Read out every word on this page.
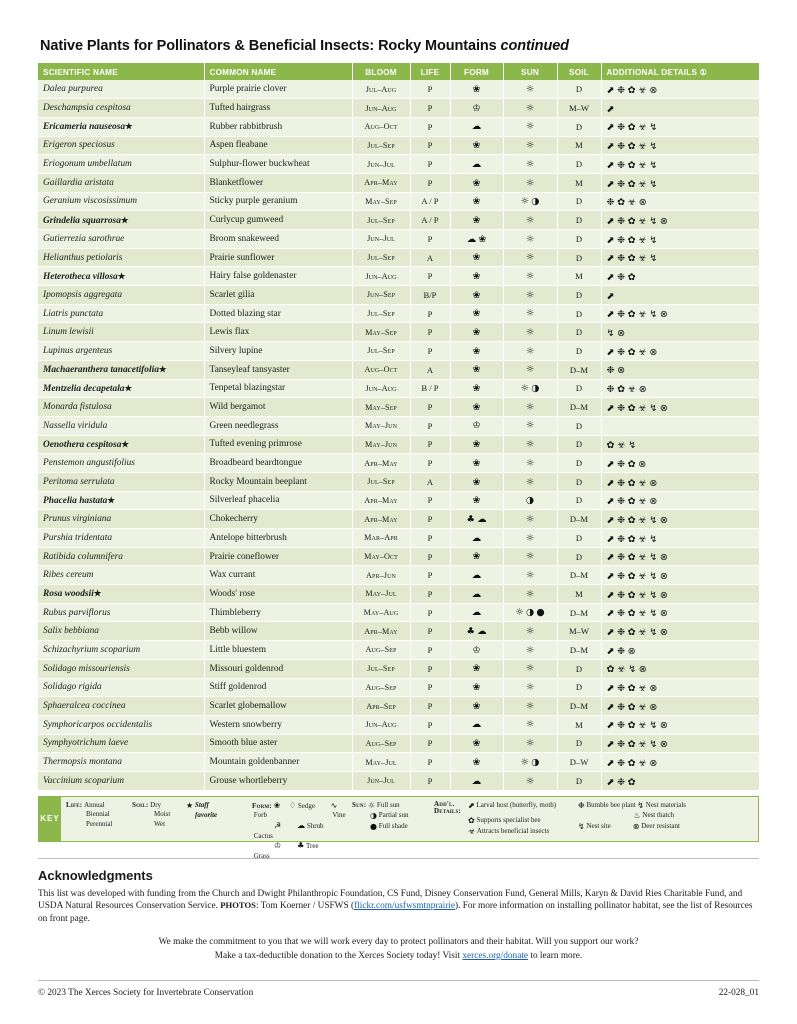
Native Plants for Pollinators & Beneficial Insects: Rocky Mountains continued
SCIENTIFIC NAME	COMMON NAME	BLOOM	LIFE	FORM	SUN	SOIL	ADDITIONAL DETAILS ①
Dalea purpurea	Purple prairie clover	Jul–Aug	P	❀	☼	D	⬈ ❉ ✿ ☣ ⊗
Deschampsia cespitosa	Tufted hairgrass	Jun–Aug	P	♔	☼	M–W	⬈
Ericameria nauseosa★	Rubber rabbitbrush	Aug–Oct	P	☁	☼	D	⬈ ❉ ✿ ☣ ↯
Erigeron speciosus	Aspen fleabane	Jul–Sep	P	❀	☼	M	⬈ ❉ ✿ ☣ ↯
Eriogonum umbellatum	Sulphur-flower buckwheat	Jun–Jul	P	☁	☼	D	⬈ ❉ ✿ ☣ ↯
Gaillardia aristata	Blanketflower	Apr–May	P	❀	☼	M	⬈ ❉ ✿ ☣ ↯
Geranium viscosissimum	Sticky purple geranium	May–Sep	A / P	❀	☼ ◑	D	❉ ✿ ☣ ⊗
Grindelia squarrosa★	Curlycup gumweed	Jul–Sep	A / P	❀	☼	D	⬈ ❉ ✿ ☣ ↯ ⊗
Gutierrezia sarothrae	Broom snakeweed	Jun–Jul	P	☁ ❀	☼	D	⬈ ❉ ✿ ☣ ↯
Helianthus petiolaris	Prairie sunflower	Jul–Sep	A	❀	☼	D	⬈ ❉ ✿ ☣ ↯
Heterotheca villosa★	Hairy false goldenaster	Jun–Aug	P	❀	☼	M	⬈ ❉ ✿
Ipomopsis aggregata	Scarlet gilia	Jun–Sep	B/P	❀	☼	D	⬈
Liatris punctata	Dotted blazing star	Jul–Sep	P	❀	☼	D	⬈ ❉ ✿ ☣ ↯ ⊗
Linum lewisii	Lewis flax	May–Sep	P	❀	☼	D	↯ ⊗
Lupinus argenteus	Silvery lupine	Jul–Sep	P	❀	☼	D	⬈ ❉ ✿ ☣ ⊗
Machaeranthera tanacetifolia★	Tanseyleaf tansyaster	Aug–Oct	A	❀	☼	D–M	❉ ⊗
Mentzelia decapetala★	Tenpetal blazingstar	Jun–Aug	B / P	❀	☼ ◑	D	❉ ✿ ☣ ⊗
Monarda fistulosa	Wild bergamot	May–Sep	P	❀	☼	D–M	⬈ ❉ ✿ ☣ ↯ ⊗
Nassella viridula	Green needlegrass	May–Jun	P	♔	☼	D	
Oenothera cespitosa★	Tufted evening primrose	May–Jun	P	❀	☼	D	✿ ☣ ↯
Penstemon angustifolius	Broadbeard beardtongue	Apr–May	P	❀	☼	D	⬈ ❉ ✿ ⊗
Peritoma serrulata	Rocky Mountain beeplant	Jul–Sep	A	❀	☼	D	⬈ ❉ ✿ ☣ ⊗
Phacelia hastata★	Silverleaf phacelia	Apr–May	P	❀	◑	D	⬈ ❉ ✿ ☣ ⊗
Prunus virginiana	Chokecherry	Apr–May	P	♣ ☁	☼	D–M	⬈ ❉ ✿ ☣ ↯ ⊗
Purshia tridentata	Antelope bitterbrush	Mar–Apr	P	☁	☼	D	⬈ ❉ ✿ ☣ ↯
Ratibida columnifera	Prairie coneflower	May–Oct	P	❀	☼	D	⬈ ❉ ✿ ☣ ↯ ⊗
Ribes cereum	Wax currant	Apr–Jun	P	☁	☼	D–M	⬈ ❉ ✿ ☣ ↯ ⊗
Rosa woodsii★	Woods' rose	May–Jul	P	☁	☼	M	⬈ ❉ ✿ ☣ ↯ ⊗
Rubus parviflorus	Thimbleberry	May–Aug	P	☁	☼ ◑ ●	D–M	⬈ ❉ ✿ ☣ ↯ ⊗
Salix bebbiana	Bebb willow	Apr–May	P	♣ ☁	☼	M–W	⬈ ❉ ✿ ☣ ↯ ⊗
Schizachyrium scoparium	Little bluestem	Aug–Sep	P	♔	☼	D–M	⬈ ❉ ⊗
Solidago missouriensis	Missouri goldenrod	Jul–Sep	P	❀	☼	D	✿ ☣ ↯ ⊗
Solidago rigida	Stiff goldenrod	Aug–Sep	P	❀	☼	D	⬈ ❉ ✿ ☣ ⊗
Sphaeralcea coccinea	Scarlet globemallow	Apr–Sep	P	❀	☼	D–M	⬈ ❉ ✿ ☣ ⊗
Symphoricarpos occidentalis	Western snowberry	Jun–Aug	P	☁	☼	M	⬈ ❉ ✿ ☣ ↯ ⊗
Symphyotrichum laeve	Smooth blue aster	Aug–Sep	P	❀	☼	D	⬈ ❉ ✿ ☣ ↯ ⊗
Thermopsis montana	Mountain goldenbanner	May–Jul	P	❀	☼ ◑	D–W	⬈ ❉ ✿ ☣ ⊗
Vaccinium scoparium	Grouse whortleberry	Jun–Jul	P	☁	☼	D	⬈ ❉ ✿
KEY
Life:
Annual
Biennial
Perennial
Soil:
Dry
Moist
Wet
★
Staff
favorite
Form: ❀ Forb
♢ Sedge	∿ Vine
☭ Cactus
☁ Shrub
♔ Grass
♣ Tree
Sun:
☼
Full sun
◑
Partial sun
●
Full shade
Add'l. Details:
⬈
Larval host (butterfly, moth)
✿
Supports specialist bee
☣
Attracts beneficial insects
❉
Bumble bee plant ↯
Nest materials
♨
Nest thatch
↯
Nest site	⊗
Deer resistant
Acknowledgments

This list was developed with funding from the Church and Dwight Philanthropic Foundation, CS Fund, Disney Conservation Fund, General Mills, Karyn & David Ries Charitable Fund, and USDA Natural Resources Conservation Service. PHOTOS: Tom Koerner / USFWS (flickr.com/usfwsmtnprairie). For more information on installing pollinator habitat, see the list of Resources on front page.

We make the commitment to you that we will work every day to protect pollinators and their habitat. Will you support our work?
Make a tax-deductible donation to the Xerces Society today! Visit xerces.org/donate to learn more.
© 2023 The Xerces Society for Invertebrate Conservation	22-028_01
